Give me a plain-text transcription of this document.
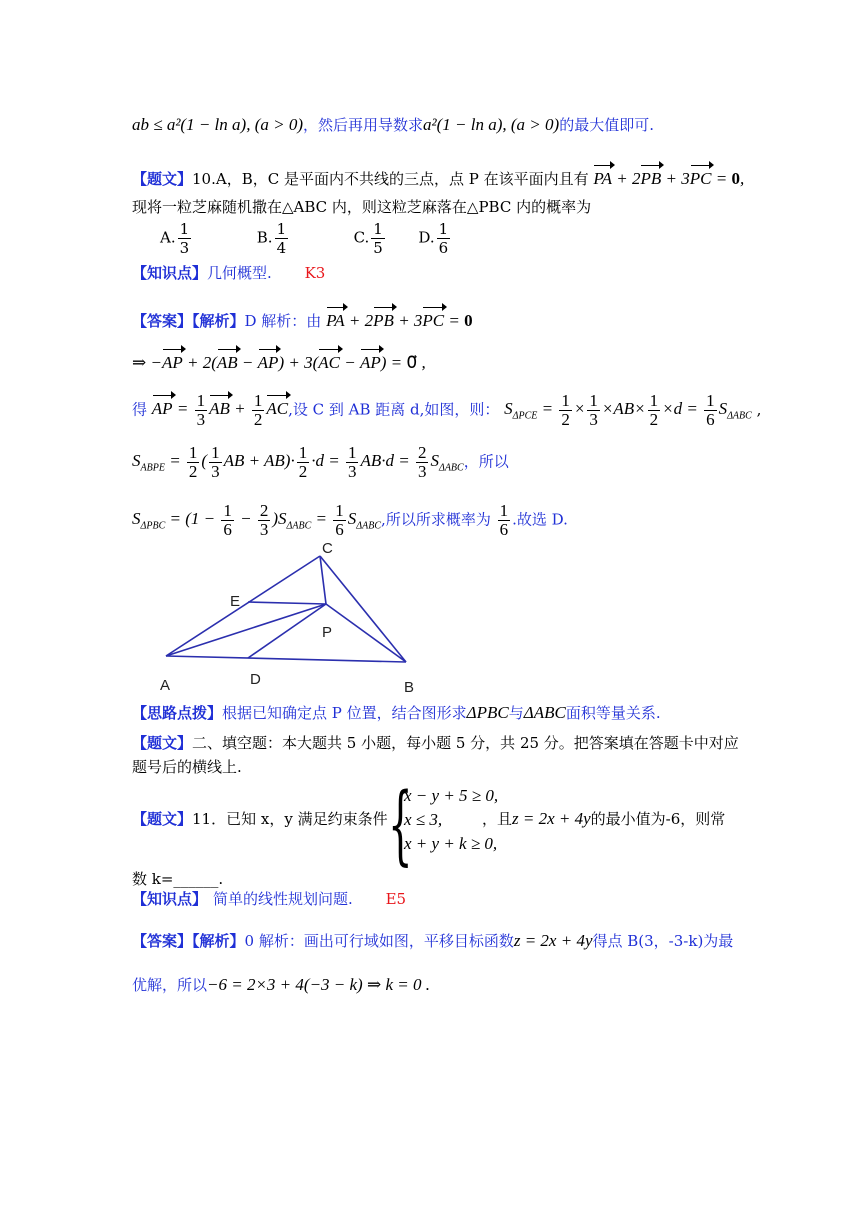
ab ≤ a²(1 − ln a), (a > 0)，然后再用导数求a²(1 − ln a), (a > 0)的最大值即可.
【题文】10.A，B，C 是平面内不共线的三点，点 P 在该平面内且有 PA + 2PB + 3PC = 0,
现将一粒芝麻随机撒在△ABC 内，则这粒芝麻落在△PBC 内的概率为
A. $\frac{1}{3}$	B. $\frac{1}{4}$	C. $\frac{1}{5} D$. $\frac{1}{6}$
【知识点】几何概型. K3
【答案】【解析】D 解析：由 PA + 2PB + 3PC = 0
⇒ −AP + 2(AB − AP) + 3(AC − AP) = 0⃗ ,
得 AP = $\frac{1}{3}$ AB + $\frac{1}{2}$ AC,设 C 到 AB 距离 d,如图，则： $S_{\Delta PCE} = \frac{1}{2} \times \frac{1}{3} \times AB\times \frac{1}{2} \times d = \frac{1}{6} S_{\Delta ABC}$ ,
$S_{ABPE} = \frac{1}{2}$ ( $\frac{1}{3}$ AB + $AB)\cdot \frac{1}{2} \cdot d = \frac{1}{3} AB\cdot d = \frac{2}{3} S_{\Delta ABC}$，所以
$S_{\Delta PBC} = (1 - \frac{1}{6} - \frac{2}{3} )S_{\Delta ABC} = \frac{1}{6} S_{\Delta ABC}$,所以所求概率为 $\frac{1}{6}$ .故选 D.
C
E
P
A	D	B
【思路点拨】根据已知确定点 P 位置，结合图形求ΔPBC与ΔABC面积等量关系.
【题文】二、填空题：本大题共 5 小题，每小题 5 分，共 25 分。把答案填在答题卡中对应
题号后的横线上.
【题文】11．已知 x，y 满足约束条件 {
x − y + 5 ≥ 0,
x ≤ 3,
x + y + k ≥ 0,
，且z = 2x + 4y的最小值为-6，则常
数 k=______.
【知识点】 简单的线性规划问题. E5
【答案】【解析】0 解析：画出可行域如图，平移目标函数z = 2x + 4y得点 B(3，-3-k)为最
优解，所以−6 = 2×3 + 4(−3 − k) ⇒ k = 0 .
